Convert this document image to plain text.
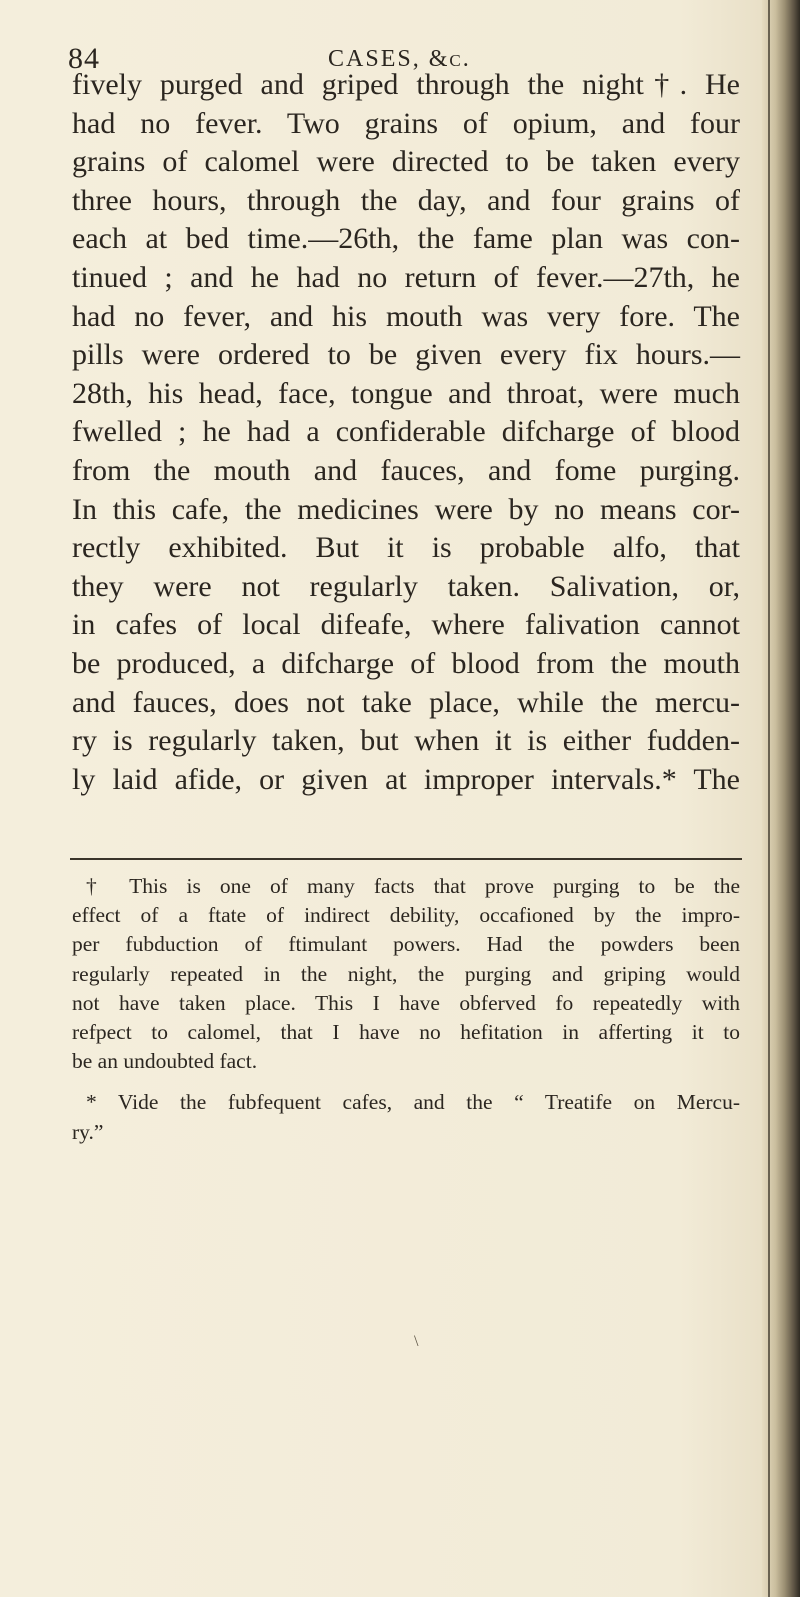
84	CASES, &c.
fively purged and griped through the night†. He
had no fever. Two grains of opium, and four
grains of calomel were directed to be taken every
three hours, through the day, and four grains of
each at bed time.—26th, the fame plan was con-
tinued ; and he had no return of fever.—27th, he
had no fever, and his mouth was very fore. The
pills were ordered to be given every fix hours.—
28th, his head, face, tongue and throat, were much
fwelled ; he had a confiderable difcharge of blood
from the mouth and fauces, and fome purging.
In this cafe, the medicines were by no means cor-
rectly exhibited. But it is probable alfo, that
they were not regularly taken. Salivation, or,
in cafes of local difeafe, where falivation cannot
be produced, a difcharge of blood from the mouth
and fauces, does not take place, while the mercu-
ry is regularly taken, but when it is either fudden-
ly laid afide, or given at improper intervals.* The
† This is one of many facts that prove purging to be the
effect of a ftate of indirect debility, occafioned by the impro-
per fubduction of ftimulant powers. Had the powders been
regularly repeated in the night, the purging and griping would
not have taken place. This I have obferved fo repeatedly with
refpect to calomel, that I have no hefitation in afferting it to
be an undoubted fact.
* Vide the fubfequent cafes, and the “ Treatife on Mercu-
ry.”
\
